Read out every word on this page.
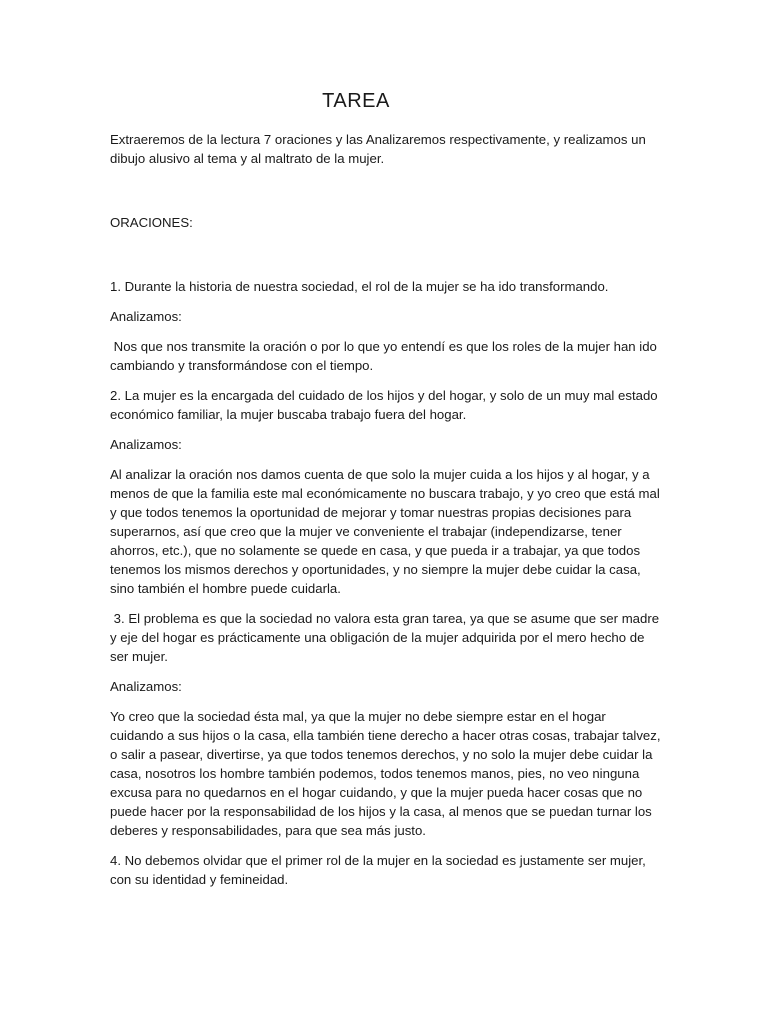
TAREA

Extraeremos de la lectura 7 oraciones y las Analizaremos respectivamente, y realizamos un dibujo alusivo al tema y al maltrato de la mujer.

ORACIONES:

1. Durante la historia de nuestra sociedad, el rol de la mujer se ha ido transformando.

Analizamos:

Nos que nos transmite la oración o por lo que yo entendí es que los roles de la mujer han ido cambiando y transformándose con el tiempo.

2. La mujer es la encargada del cuidado de los hijos y del hogar, y solo de un muy mal estado económico familiar, la mujer buscaba trabajo fuera del hogar.

Analizamos:

Al analizar la oración nos damos cuenta de que solo la mujer cuida a los hijos y al hogar, y a menos de que la familia este mal económicamente no buscara trabajo, y yo creo que está mal y que todos tenemos la oportunidad de mejorar y tomar nuestras propias decisiones para superarnos, así que creo que la mujer ve conveniente el trabajar (independizarse, tener ahorros, etc.), que no solamente se quede en casa, y que pueda ir a trabajar, ya que todos tenemos los mismos derechos y oportunidades, y no siempre la mujer debe cuidar la casa, sino también el hombre puede cuidarla.

3. El problema es que la sociedad no valora esta gran tarea, ya que se asume que ser madre y eje del hogar es prácticamente una obligación de la mujer adquirida por el mero hecho de ser mujer.

Analizamos:

Yo creo que la sociedad ésta mal, ya que la mujer no debe siempre estar en el hogar cuidando a sus hijos o la casa, ella también tiene derecho a hacer otras cosas, trabajar talvez, o salir a pasear, divertirse, ya que todos tenemos derechos, y no solo la mujer debe cuidar la casa, nosotros los hombre también podemos, todos tenemos manos, pies, no veo ninguna excusa para no quedarnos en el hogar cuidando, y que la mujer pueda hacer cosas que no puede hacer por la responsabilidad de los hijos y la casa, al menos que se puedan turnar los deberes y responsabilidades, para que sea más justo.

4. No debemos olvidar que el primer rol de la mujer en la sociedad es justamente ser mujer, con su identidad y femineidad.
